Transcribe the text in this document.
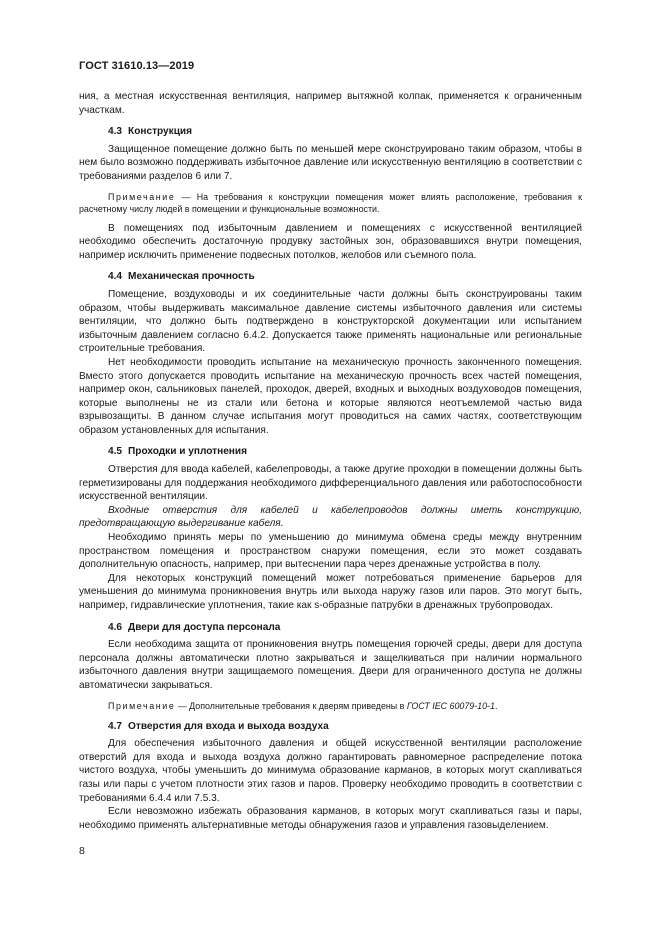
ГОСТ 31610.13—2019

ния, а местная искусственная вентиляция, например вытяжной колпак, применяется к ограниченным участкам.

4.3 Конструкция

Защищенное помещение должно быть по меньшей мере сконструировано таким образом, чтобы в нем было возможно поддерживать избыточное давление или искусственную вентиляцию в соответствии с требованиями разделов 6 или 7.

Примечание — На требования к конструкции помещения может влиять расположение, требования к расчетному числу людей в помещении и функциональные возможности.

В помещениях под избыточным давлением и помещениях с искусственной вентиляцией необходимо обеспечить достаточную продувку застойных зон, образовавшихся внутри помещения, например исключить применение подвесных потолков, желобов или съемного пола.

4.4 Механическая прочность

Помещение, воздуховоды и их соединительные части должны быть сконструированы таким образом, чтобы выдерживать максимальное давление системы избыточного давления или системы вентиляции, что должно быть подтверждено в конструкторской документации или испытанием избыточным давлением согласно 6.4.2. Допускается также применять национальные или региональные строительные требования.

Нет необходимости проводить испытание на механическую прочность законченного помещения. Вместо этого допускается проводить испытание на механическую прочность всех частей помещения, например окон, сальниковых панелей, проходок, дверей, входных и выходных воздуховодов помещения, которые выполнены не из стали или бетона и которые являются неотъемлемой частью вида взрывозащиты. В данном случае испытания могут проводиться на самих частях, соответствующим образом установленных для испытания.

4.5 Проходки и уплотнения

Отверстия для ввода кабелей, кабелепроводы, а также другие проходки в помещении должны быть герметизированы для поддержания необходимого дифференциального давления или работоспособности искусственной вентиляции.

Входные отверстия для кабелей и кабелепроводов должны иметь конструкцию, предотвращающую выдергивание кабеля.

Необходимо принять меры по уменьшению до минимума обмена среды между внутренним пространством помещения и пространством снаружи помещения, если это может создавать дополнительную опасность, например, при вытеснении пара через дренажные устройства в полу.

Для некоторых конструкций помещений может потребоваться применение барьеров для уменьшения до минимума проникновения внутрь или выхода наружу газов или паров. Это могут быть, например, гидравлические уплотнения, такие как s-образные патрубки в дренажных трубопроводах.

4.6 Двери для доступа персонала

Если необходима защита от проникновения внутрь помещения горючей среды, двери для доступа персонала должны автоматически плотно закрываться и защелкиваться при наличии нормального избыточного давления внутри защищаемого помещения. Двери для ограниченного доступа не должны автоматически закрываться.

Примечание — Дополнительные требования к дверям приведены в ГОСТ IEC 60079-10-1.

4.7 Отверстия для входа и выхода воздуха

Для обеспечения избыточного давления и общей искусственной вентиляции расположение отверстий для входа и выхода воздуха должно гарантировать равномерное распределение потока чистого воздуха, чтобы уменьшить до минимума образование карманов, в которых могут скапливаться газы или пары с учетом плотности этих газов и паров. Проверку необходимо проводить в соответствии с требованиями 6.4.4 или 7.5.3.

Если невозможно избежать образования карманов, в которых могут скапливаться газы и пары, необходимо применять альтернативные методы обнаружения газов и управления газовыделением.

8
